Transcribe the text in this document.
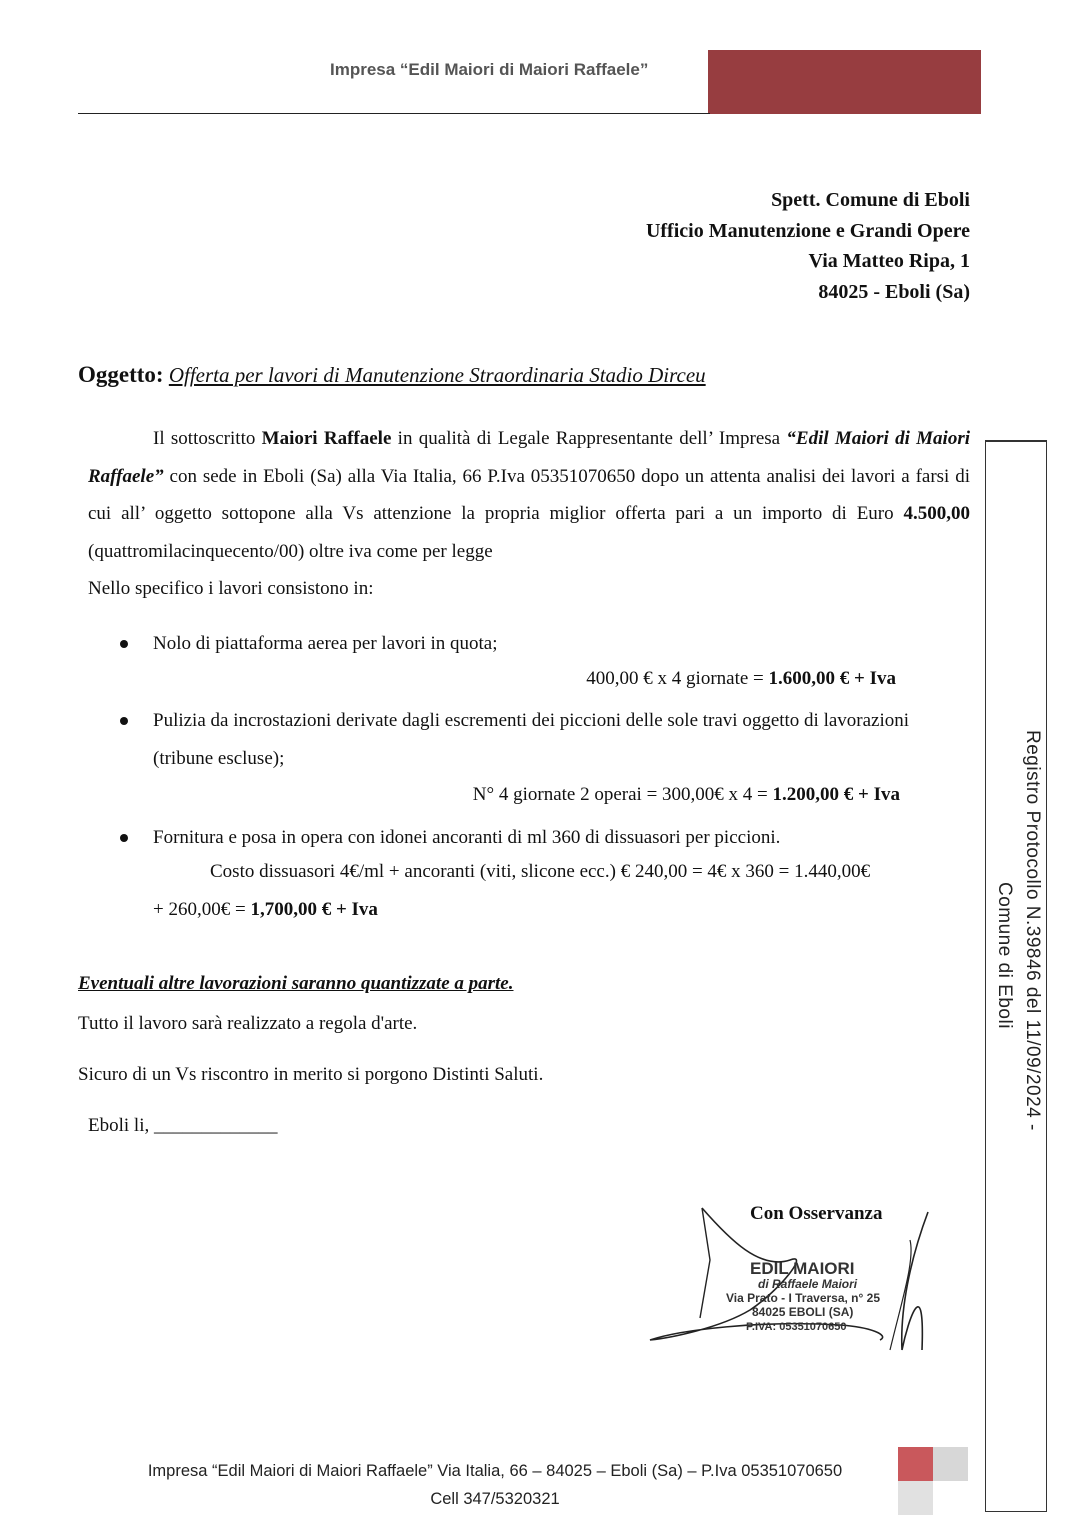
Impresa “Edil Maiori di Maiori Raffaele”
Spett. Comune di Eboli
Ufficio Manutenzione e Grandi Opere
Via Matteo Ripa, 1
84025 - Eboli (Sa)
Oggetto: Offerta per lavori di Manutenzione Straordinaria Stadio Dirceu

Il sottoscritto Maiori Raffaele in qualità di Legale Rappresentante dell’ Impresa “Edil Maiori di Maiori Raffaele” con sede in Eboli (Sa) alla Via Italia, 66 P.Iva 05351070650 dopo un attenta analisi dei lavori a farsi di cui all’ oggetto sottopone alla Vs attenzione la propria miglior offerta pari a un importo di Euro 4.500,00 (quattromilacinquecento/00) oltre iva come per legge

Nello specifico i lavori consistono in:

Nolo di piattaforma aerea per lavori in quota;
400,00 € x 4 giornate = 1.600,00 € + Iva
Pulizia da incrostazioni derivate dagli escrementi dei piccioni delle sole travi oggetto di lavorazioni (tribune escluse);
N° 4 giornate 2 operai = 300,00€ x 4 = 1.200,00 € + Iva
Fornitura e posa in opera con idonei ancoranti di ml 360 di dissuasori per piccioni.
Costo dissuasori 4€/ml + ancoranti (viti, slicone ecc.) € 240,00 = 4€ x 360 = 1.440,00€
+ 260,00€ = 1,700,00 € + Iva
Eventuali altre lavorazioni saranno quantizzate a parte.
Tutto il lavoro sarà realizzato a regola d'arte.
Sicuro di un Vs riscontro in merito si porgono Distinti Saluti.
Eboli li, _____________
Con Osservanza
EDIL MAIORI
di Raffaele Maiori
Via Prato - I Traversa, n° 25
84025 EBOLI (SA)
P.IVA: 05351070650
Registro Protocollo N.39846 del 11/09/2024 -
Comune di Eboli
Impresa “Edil Maiori di Maiori Raffaele” Via Italia, 66 – 84025 – Eboli (Sa) – P.Iva 05351070650
Cell 347/5320321
